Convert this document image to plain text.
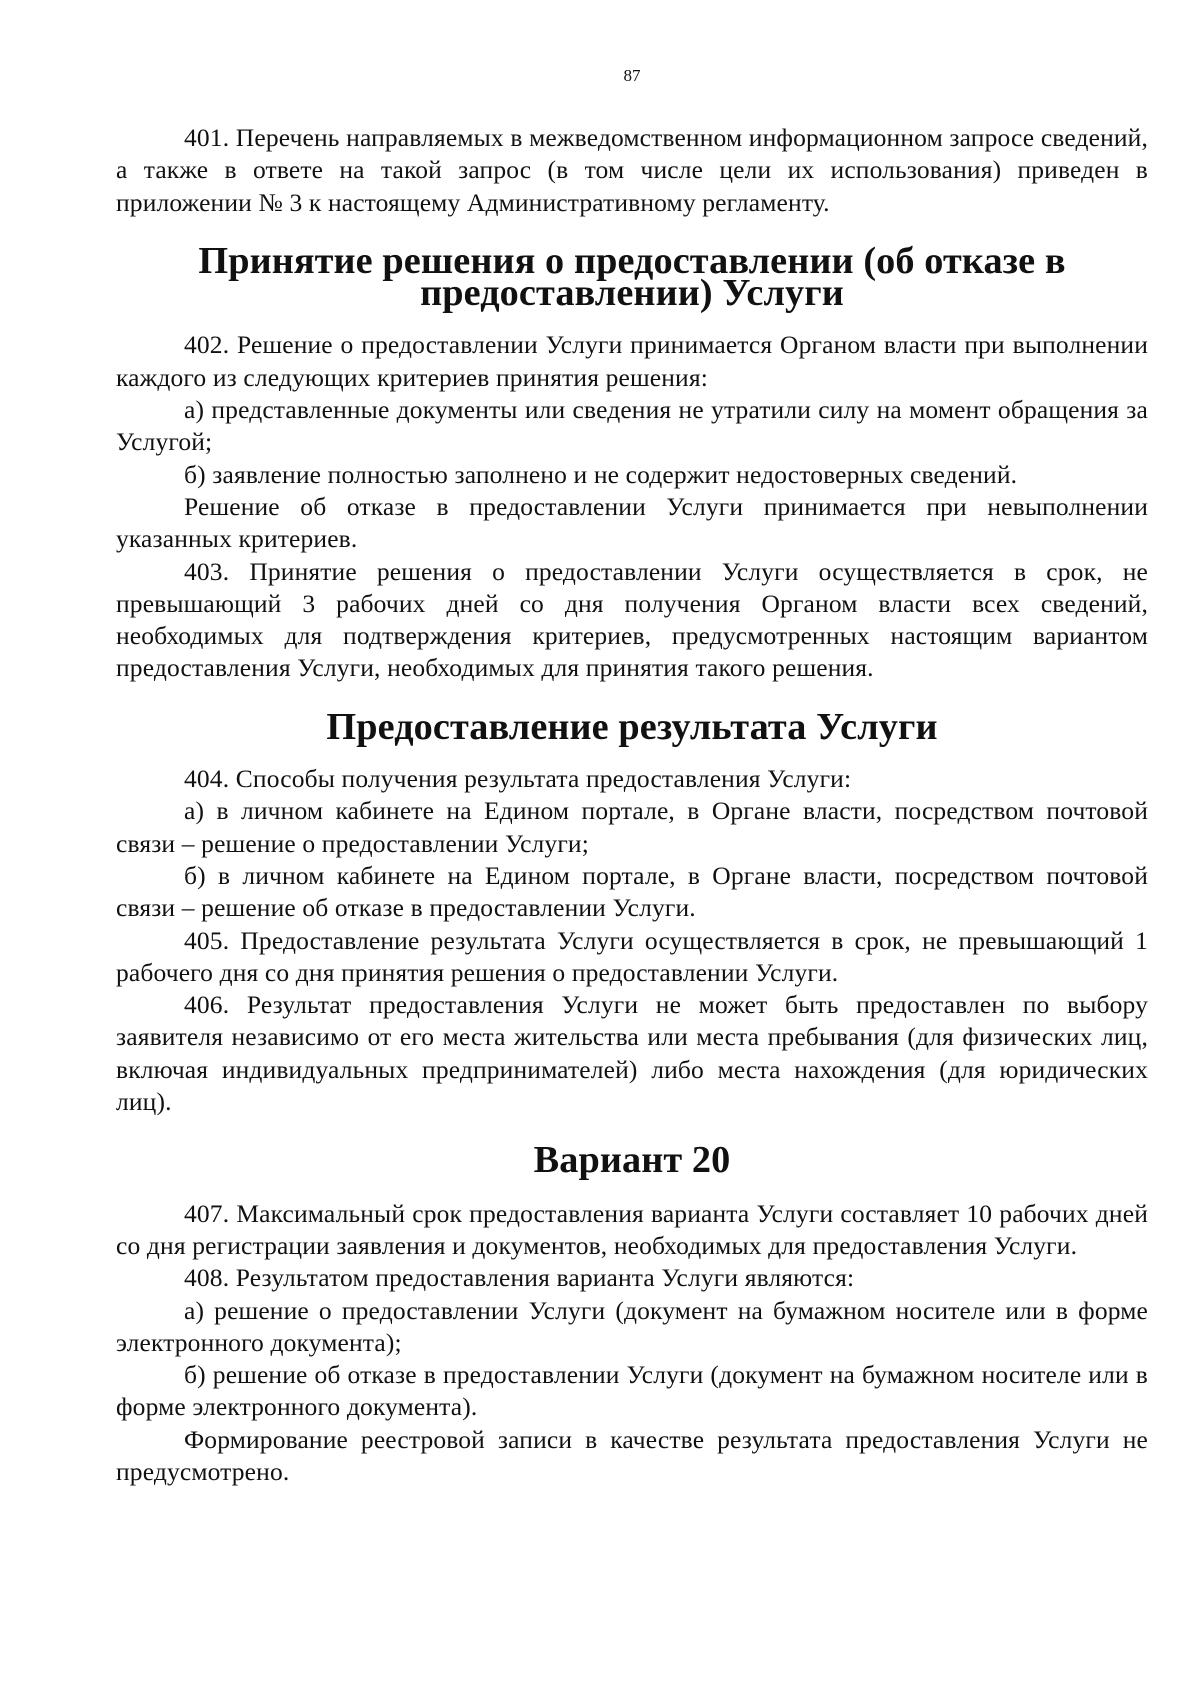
87

401. Перечень направляемых в межведомственном информационном запросе сведений, а также в ответе на такой запрос (в том числе цели их использования) приведен в приложении № 3 к настоящему Административному регламенту.

Принятие решения о предоставлении (об отказе в предоставлении) Услуги

402. Решение о предоставлении Услуги принимается Органом власти при выполнении каждого из следующих критериев принятия решения:

а) представленные документы или сведения не утратили силу на момент обращения за Услугой;

б) заявление полностью заполнено и не содержит недостоверных сведений.

Решение об отказе в предоставлении Услуги принимается при невыполнении указанных критериев.

403. Принятие решения о предоставлении Услуги осуществляется в срок, не превышающий 3 рабочих дней со дня получения Органом власти всех сведений, необходимых для подтверждения критериев, предусмотренных настоящим вариантом предоставления Услуги, необходимых для принятия такого решения.

Предоставление результата Услуги

404. Способы получения результата предоставления Услуги:

а) в личном кабинете на Едином портале, в Органе власти, посредством почтовой связи – решение о предоставлении Услуги;

б) в личном кабинете на Едином портале, в Органе власти, посредством почтовой связи – решение об отказе в предоставлении Услуги.

405. Предоставление результата Услуги осуществляется в срок, не превышающий 1 рабочего дня со дня принятия решения о предоставлении Услуги.

406. Результат предоставления Услуги не может быть предоставлен по выбору заявителя независимо от его места жительства или места пребывания (для физических лиц, включая индивидуальных предпринимателей) либо места нахождения (для юридических лиц).

Вариант 20

407. Максимальный срок предоставления варианта Услуги составляет 10 рабочих дней со дня регистрации заявления и документов, необходимых для предоставления Услуги.

408. Результатом предоставления варианта Услуги являются:

а) решение о предоставлении Услуги (документ на бумажном носителе или в форме электронного документа);

б) решение об отказе в предоставлении Услуги (документ на бумажном носителе или в форме электронного документа).

Формирование реестровой записи в качестве результата предоставления Услуги не предусмотрено.
